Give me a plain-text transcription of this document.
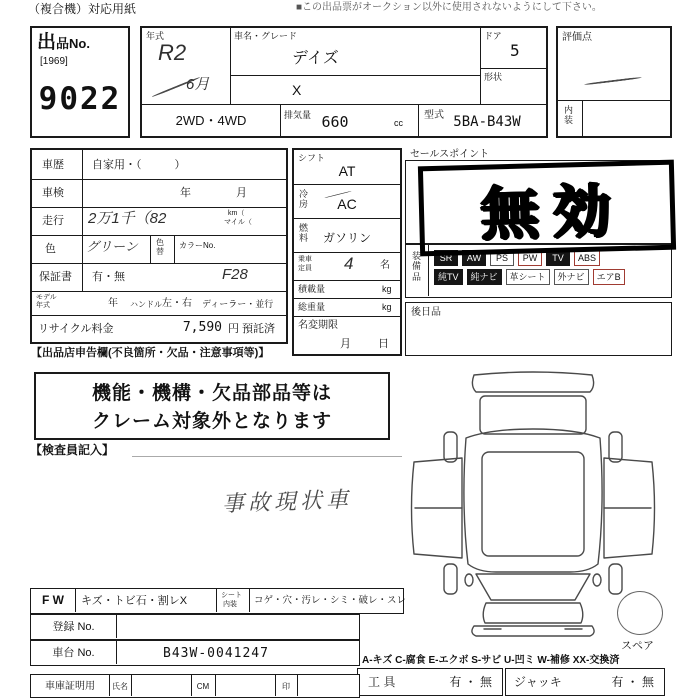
（複合機）対応用紙	■この出品票がオークション以外に使用されないようにして下さい。
出品No.
[1969]
9022
年式
R2
6月
車名・グレード
デイズ
X
ドア
5
形状
2WD・4WD	排気量 660	cc
型式 5BA-B43W
評価点
内装
車歴	自家用・（　　　）
車検	年	月
走行 2万1千（82	km（
マイル（
色 グリーン 色替
カラーNo.
保証書 有・無	F28
モデル
年式	年 ハンドル 左・右 ディーラー・並行
リサイクル料金	7,590 円 預託済
【出品店申告欄(不良箇所・欠品・注意事項等)】
シフト
AT
冷房	AC
燃料	ガソリン
乗車
定員 4	名
積載量	kg
総重量	kg
名変期限
月 日
セールスポイント
無効
装備品
SR	AW	PS	PW	TV	ABS
純TV	純ナビ	革シート	外ナビ	エアB
後日品
機能・機構・欠品部品等は
クレーム対象外となります
【検査員記入】
事故現状車
スペア
F W	キズ・トビ石・割レX	シート
内装 コゲ・穴・汚レ・シミ・破レ・スレ
登録 No.
車台 No.	B43W-0041247	A-キズ C-腐食 E-エクボ S-サビ U-凹ミ W-補修 XX-交換済
工 具	有 ・ 無 ジャッキ	有 ・ 無
車庫証明用	氏名	CM	印
